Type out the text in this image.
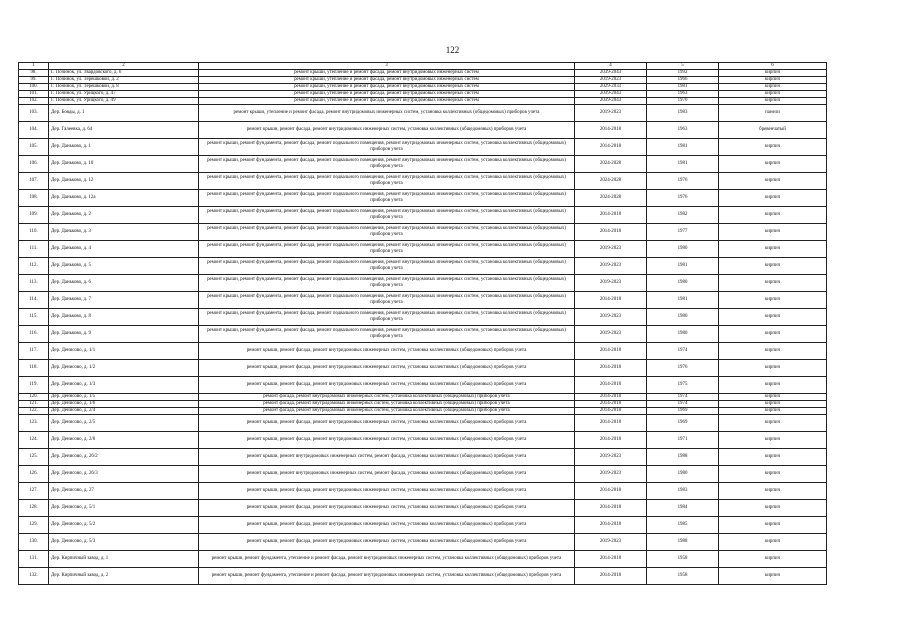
122
1	2	3	4	5	6
98.	Г. Починок, ул. Твардовского, д. 6	ремонт крыши, утепление и ремонт фасада, ремонт внутридомовых инженерных систем	2039-2043	1992	кирпич
99.	Г. Починок, ул. Терешковой, д. 2	ремонт крыши, утепление и ремонт фасада, ремонт внутридомовых инженерных систем	2019-2023	1966	кирпич
100.	Г. Починок, ул. Терешковой, д. 8	ремонт крыши, утепление и ремонт фасада, ремонт внутридомовых инженерных систем	2029-2033	1981	кирпич
101.	Г. Починок, ул. Урицкого, д. 47	ремонт крыши, утепление и ремонт фасада, ремонт внутридомовых инженерных систем	2039-2043	1963	кирпич
102.	Г. Починок, ул. Урицкого, д. 49	ремонт крыши, утепление и ремонт фасада, ремонт внутридомовых инженерных систем	2039-2043	1970	кирпич
103.	Дер. Бояды, д. 1	ремонт крыши, утепление и ремонт фасада, ремонт внутридомовых инженерных систем, установка коллективных (общедомовых) приборов учета	2019-2023	1983	панели
104.	Дер. Галеевка, д. 64	ремонт крыши, ремонт фасада, ремонт внутридомовых инженерных систем, установка коллективных (общедомовых) приборов учета	2014-2018	1963	бревенчатый
105.	Дер. Даньково, д. 1	ремонт крыши, ремонт фундамента, ремонт фасада, ремонт подвального помещения, ремонт внутридомовых инженерных систем, установка коллективных (общедомовых) приборов учета	2014-2018	1981	кирпич
106.	Дер. Даньково, д. 10	ремонт крыши, ремонт фундамента, ремонт фасада, ремонт подвального помещения, ремонт внутридомовых инженерных систем, установка коллективных (общедомовых) приборов учета	2024-2028	1981	кирпич
107.	Дер. Даньково, д. 12	ремонт крыши, ремонт фундамента, ремонт фасада, ремонт подвального помещения, ремонт внутридомовых инженерных систем, установка коллективных (общедомовых) приборов учета	2024-2028	1976	кирпич
108.	Дер. Даньково, д. 12а	ремонт крыши, ремонт фундамента, ремонт фасада, ремонт подвального помещения, ремонт внутридомовых инженерных систем, установка коллективных (общедомовых) приборов учета	2024-2028	1976	кирпич
109.	Дер. Даньково, д. 2	ремонт крыши, ремонт фундамента, ремонт фасада, ремонт подвального помещения, ремонт внутридомовых инженерных систем, установка коллективных (общедомовых) приборов учета	2014-2018	1982	кирпич
110.	Дер. Даньково, д. 3	ремонт крыши, ремонт фундамента, ремонт фасада, ремонт подвального помещения, ремонт внутридомовых инженерных систем, установка коллективных (общедомовых) приборов учета	2014-2018	1977	кирпич
111.	Дер. Даньково, д. 4	ремонт крыши, ремонт фундамента, ремонт фасада, ремонт подвального помещения, ремонт внутридомовых инженерных систем, установка коллективных (общедомовых) приборов учета	2019-2023	1980	кирпич
112.	Дер. Даньково, д. 5	ремонт крыши, ремонт фундамента, ремонт фасада, ремонт подвального помещения, ремонт внутридомовых инженерных систем, установка коллективных (общедомовых) приборов учета	2019-2023	1981	кирпич
113.	Дер. Даньково, д. 6	ремонт крыши, ремонт фундамента, ремонт фасада, ремонт подвального помещения, ремонт внутридомовых инженерных систем, установка коллективных (общедомовых) приборов учета	2019-2023	1980	кирпич
114.	Дер. Даньково, д. 7	ремонт крыши, ремонт фундамента, ремонт фасада, ремонт подвального помещения, ремонт внутридомовых инженерных систем, установка коллективных (общедомовых) приборов учета	2014-2018	1981	кирпич
115.	Дер. Даньково, д. 8	ремонт крыши, ремонт фундамента, ремонт фасада, ремонт подвального помещения, ремонт внутридомовых инженерных систем, установка коллективных (общедомовых) приборов учета	2019-2023	1980	кирпич
116.	Дер. Даньково, д. 9	ремонт крыши, ремонт фундамента, ремонт фасада, ремонт подвального помещения, ремонт внутридомовых инженерных систем, установка коллективных (общедомовых) приборов учета	2019-2023	1980	кирпич
117.	Дер. Денисово, д. 1/1	ремонт крыши, ремонт фасада, ремонт внутридомовых инженерных систем, установка коллективных (общедомовых) приборов учета	2014-2018	1974	кирпич
118.	Дер. Денисово, д. 1/2	ремонт крыши, ремонт фасада, ремонт внутридомовых инженерных систем, установка коллективных (общедомовых) приборов учета	2014-2018	1976	кирпич
119.	Дер. Денисово, д. 1/3	ремонт крыши, ремонт фасада, ремонт внутридомовых инженерных систем, установка коллективных (общедомовых) приборов учета	2014-2018	1975	кирпич
120.	Дер. Денисово, д. 1/5	ремонт фасада, ремонт внутридомовых инженерных систем, установка коллективных (общедомовых) приборов учета	2014-2018	1974	кирпич
121.	Дер. Денисово, д. 1/6	ремонт фасада, ремонт внутридомовых инженерных систем, установка коллективных (общедомовых) приборов учета	2014-2018	1974	кирпич
122.	Дер. Денисово, д. 2/4	ремонт фасада, ремонт внутридомовых инженерных систем, установка коллективных (общедомовых) приборов учета	2014-2018	1969	кирпич
123.	Дер. Денисово, д. 2/5	ремонт крыши, ремонт фасада, ремонт внутридомовых инженерных систем, установка коллективных (общедомовых) приборов учета	2014-2018	1969	кирпич
124.	Дер. Денисово, д. 2/6	ремонт крыши, ремонт фасада, ремонт внутридомовых инженерных систем, установка коллективных (общедомовых) приборов учета	2014-2018	1971	кирпич
125.	Дер. Денисово, д. 26/2	ремонт крыши, ремонт внутридомовых инженерных систем, ремонт фасада, установка коллективных (общедомовых) приборов учета	2019-2023	1988	кирпич
126.	Дер. Денисово, д. 26/3	ремонт крыши, ремонт внутридомовых инженерных систем, ремонт фасада, установка коллективных (общедомовых) приборов учета	2019-2023	1980	кирпич
127.	Дер. Денисово, д. 27	ремонт крыши, ремонт фасада, ремонт внутридомовых инженерных систем, установка коллективных (общедомовых) приборов учета	2014-2018	1983	кирпич
128.	Дер. Денисово, д. 5/1	ремонт крыши, ремонт фасада, ремонт внутридомовых инженерных систем, установка коллективных (общедомовых) приборов учета	2014-2018	1984	кирпич
129.	Дер. Денисово, д. 5/2	ремонт крыши, ремонт фасада, ремонт внутридомовых инженерных систем, установка коллективных (общедомовых) приборов учета	2014-2018	1985	кирпич
130.	Дер. Денисово, д. 5/3	ремонт крыши, ремонт фасада, ремонт внутридомовых инженерных систем, установка коллективных (общедомовых) приборов учета	2019-2023	1988	кирпич
131.	Дер. Кирпичный завод, д. 1	ремонт крыши, ремонт фундамента, утепление и ремонт фасада, ремонт внутридомовых инженерных систем, установка коллективных (общедомовых) приборов учета	2014-2018	1958	кирпич
132.	Дер. Кирпичный завод, д. 2	ремонт крыши, ремонт фундамента, утепление и ремонт фасада, ремонт внутридомовых инженерных систем, установка коллективных (общедомовых) приборов учета	2014-2018	1958	кирпич
